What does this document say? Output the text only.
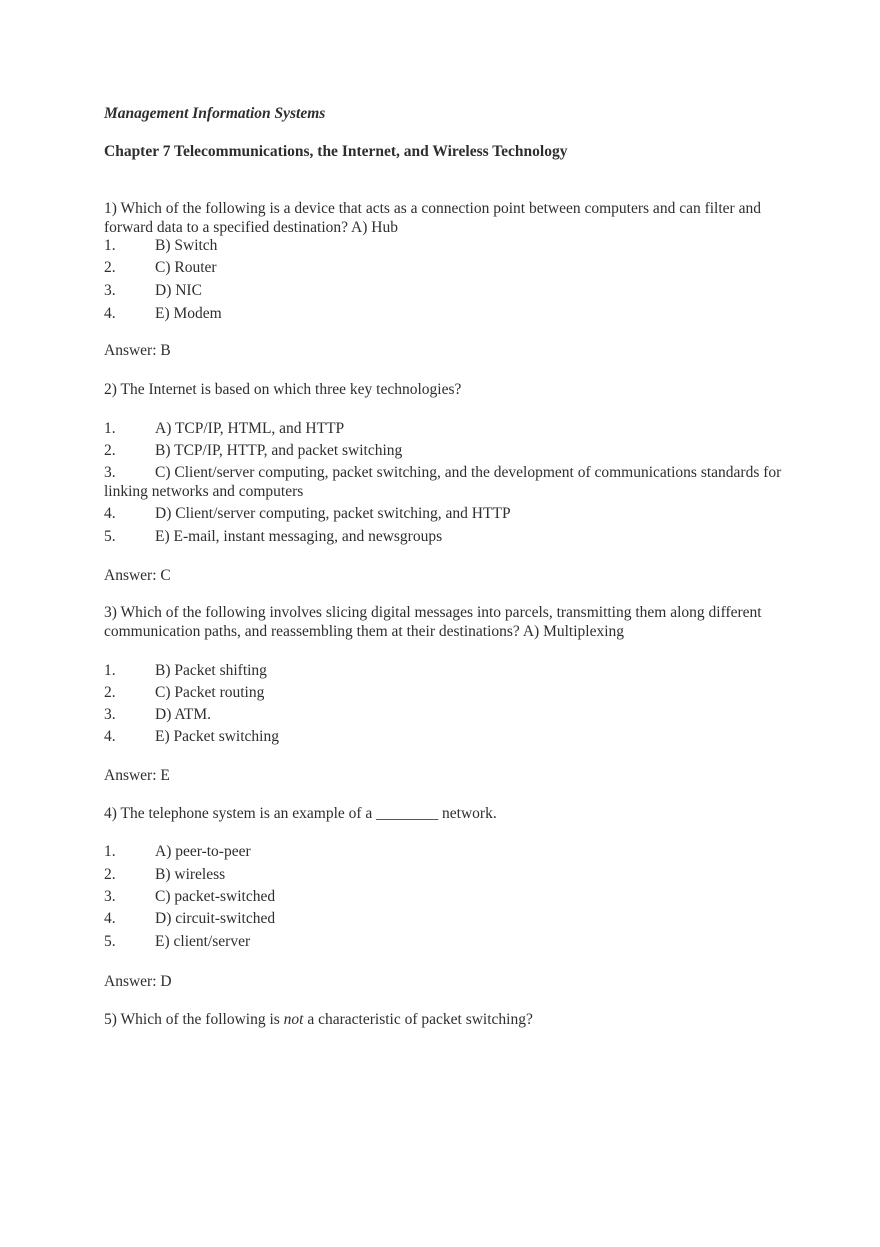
Management Information Systems
Chapter 7 Telecommunications, the Internet, and Wireless Technology
1) Which of the following is a device that acts as a connection point between computers and can filter and forward data to a specified destination? A) Hub
1.	B) Switch
2.	C) Router
3.	D) NIC
4.	E) Modem
Answer: B
2) The Internet is based on which three key technologies?
1.	A) TCP/IP, HTML, and HTTP
2.	B) TCP/IP, HTTP, and packet switching
3.	C) Client/server computing, packet switching, and the development of communications standards for linking networks and computers
4.	D) Client/server computing, packet switching, and HTTP
5.	E) E-mail, instant messaging, and newsgroups
Answer: C
3) Which of the following involves slicing digital messages into parcels, transmitting them along different communication paths, and reassembling them at their destinations? A) Multiplexing
1.	B) Packet shifting
2.	C) Packet routing
3.	D) ATM.
4.	E) Packet switching
Answer: E
4) The telephone system is an example of a ________ network.
1.	A) peer-to-peer
2.	B) wireless
3.	C) packet-switched
4.	D) circuit-switched
5.	E) client/server
Answer: D
5) Which of the following is not a characteristic of packet switching?
